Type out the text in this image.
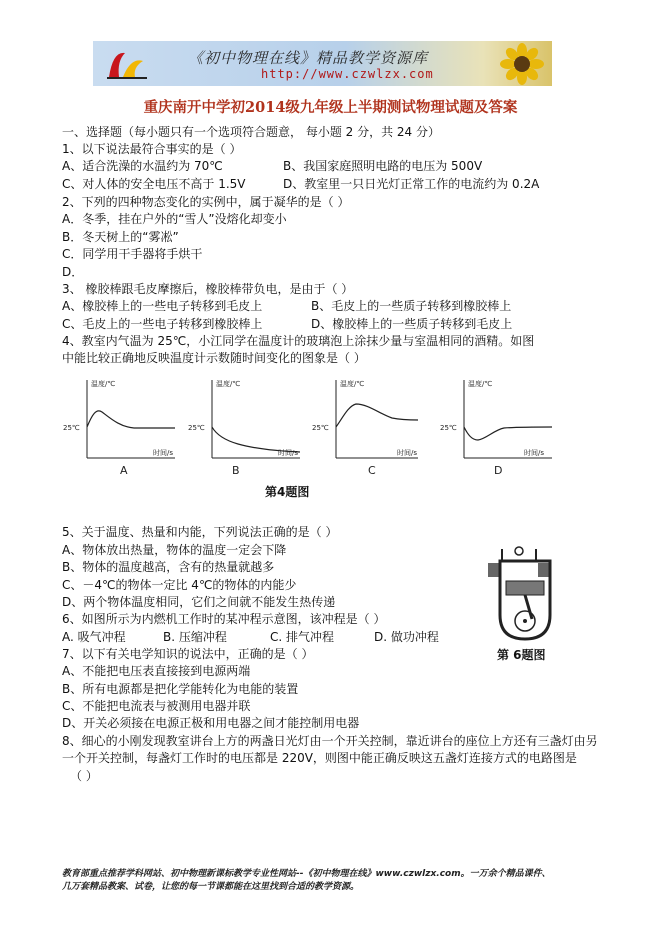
《初中物理在线》精品教学资源库
http://www.czwlzx.com
重庆南开中学初2014级九年级上半期测试物理试题及答案
一、选择题（每小题只有一个选项符合题意， 每小题 2 分，共 24 分）
1、以下说法最符合事实的是（ ）
A、适合洗澡的水温约为 70℃	B、我国家庭照明电路的电压为 500V
C、对人体的安全电压不高于 1.5V	D、教室里一只日光灯正常工作的电流约为 0.2A
2、下列的四种物态变化的实例中，属于凝华的是（ ）
A．冬季，挂在户外的“雪人”没熔化却变小
B．冬天树上的“雾凇”
C．同学用干手器将手烘干
D．
3、 橡胶棒跟毛皮摩擦后，橡胶棒带负电，是由于（ ）
A、橡胶棒上的一些电子转移到毛皮上	B、毛皮上的一些质子转移到橡胶棒上
C、毛皮上的一些电子转移到橡胶棒上	D、橡胶棒上的一些质子转移到毛皮上
4、教室内气温为 25℃，小江同学在温度计的玻璃泡上涂抹少量与室温相同的酒精。如图
中能比较正确地反映温度计示数随时间变化的图象是（ ）
温度/℃
时间/s
25℃
A
温度/℃
时间/s
25℃
B
温度/℃
时间/s
25℃
C
温度/℃
时间/s
25℃
D
第4题图
5、关于温度、热量和内能，下列说法正确的是（ ）
A、物体放出热量，物体的温度一定会下降
B、物体的温度越高，含有的热量就越多
C、－4℃的物体一定比 4℃的物体的内能少
D、两个物体温度相同，它们之间就不能发生热传递
6、如图所示为内燃机工作时的某冲程示意图，该冲程是（ ）
A. 吸气冲程	B. 压缩冲程	C. 排气冲程	D. 做功冲程
第 6题图
7、以下有关电学知识的说法中，正确的是（ ）
A、不能把电压表直接接到电源两端
B、所有电源都是把化学能转化为电能的装置
C、不能把电流表与被测用电器并联
D、开关必须接在电源正极和用电器之间才能控制用电器
8、细心的小刚发现教室讲台上方的两盏日光灯由一个开关控制，靠近讲台的座位上方还有三盏灯由另
一个开关控制，每盏灯工作时的电压都是 220V，则图中能正确反映这五盏灯连接方式的电路图是
（ ）
教育部重点推荐学科网站、初中物理新课标教学专业性网站--《初中物理在线》www.czwlzx.com。一万余个精品课件、
几万套精品教案、试卷，让您的每一节课都能在这里找到合适的教学资源。
